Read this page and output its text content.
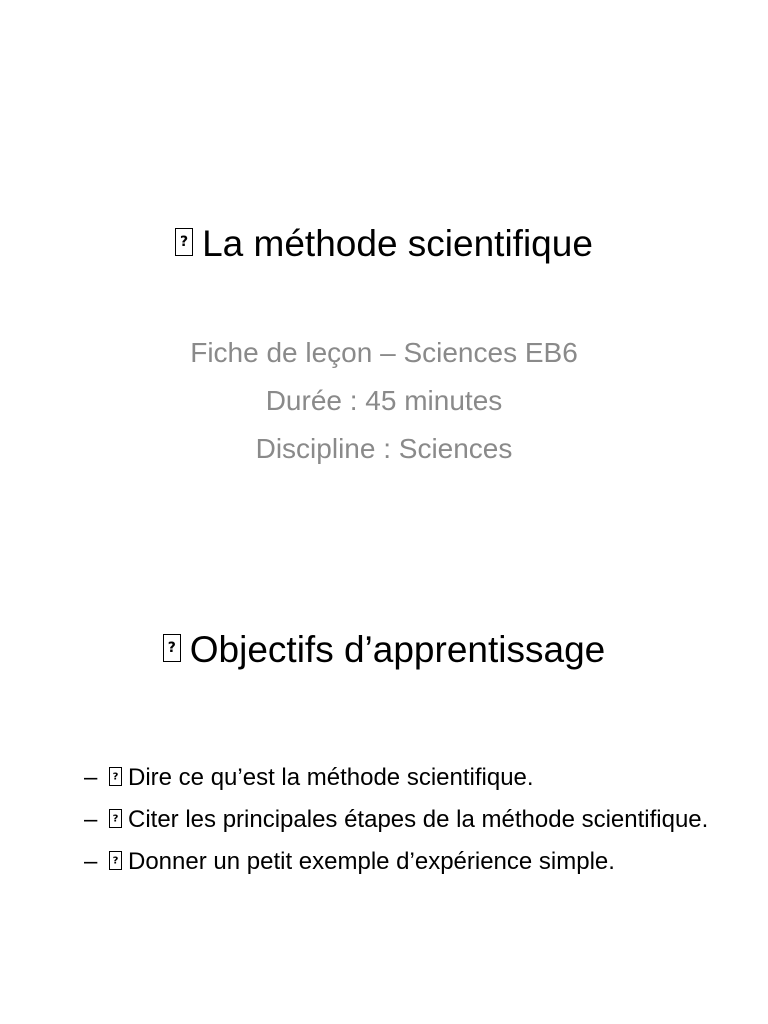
?La méthode scientifique
Fiche de leçon – Sciences EB6
Durée : 45 minutes
Discipline : Sciences
?Objectifs d’apprentissage
– ? Dire ce qu’est la méthode scientifique.
– ? Citer les principales étapes de la méthode scientifique.
– ? Donner un petit exemple d’expérience simple.
